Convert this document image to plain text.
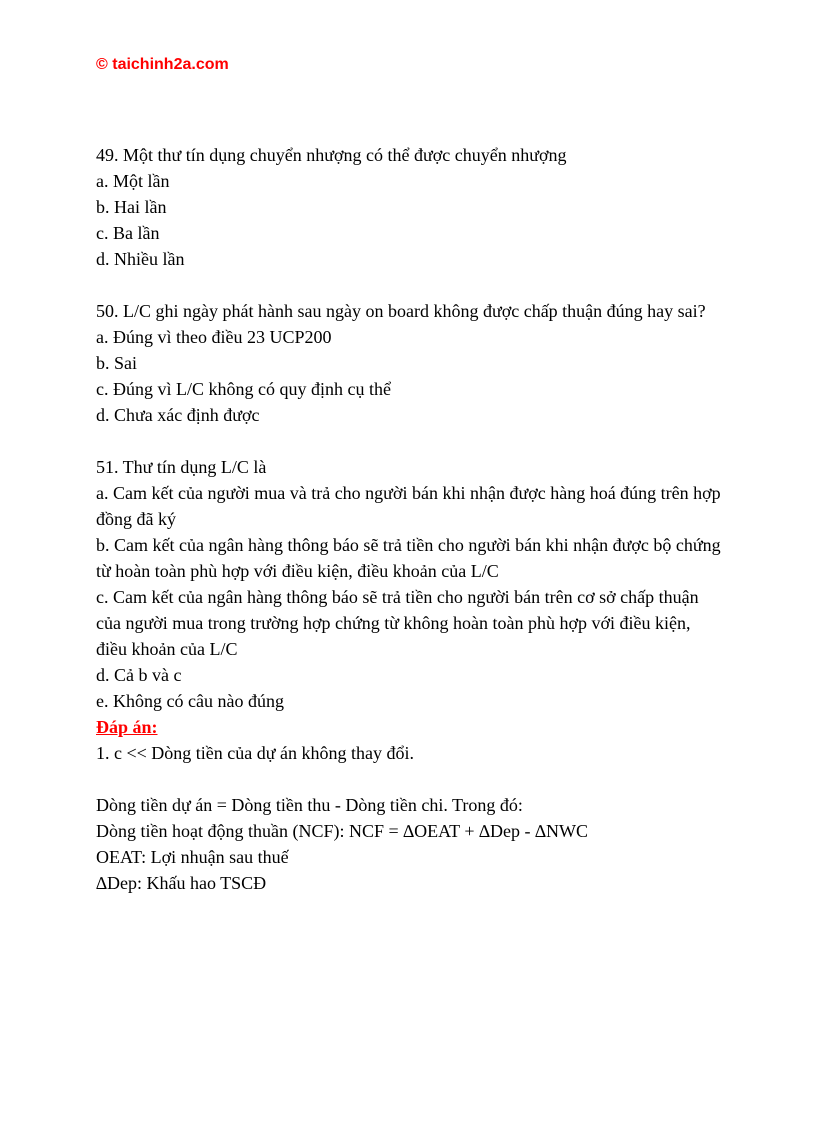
© taichinh2a.com

49. Một thư tín dụng chuyển nhượng có thể được chuyển nhượng

a. Một lần

b. Hai lần

c. Ba lần

d. Nhiều lần

50. L/C ghi ngày phát hành sau ngày on board không được chấp thuận đúng hay sai?

a. Đúng vì theo điều 23 UCP200

b. Sai

c. Đúng vì L/C không có quy định cụ thể

d. Chưa xác định được

51. Thư tín dụng L/C là

a. Cam kết của người mua và trả cho người bán khi nhận được hàng hoá đúng trên hợp đồng đã ký

b. Cam kết của ngân hàng thông báo sẽ trả tiền cho người bán khi nhận được bộ chứng từ hoàn toàn phù hợp với điều kiện, điều khoản của L/C

c. Cam kết của ngân hàng thông báo sẽ trả tiền cho người bán trên cơ sở chấp thuận của người mua trong trường hợp chứng từ không hoàn toàn phù hợp với điều kiện, điều khoản của L/C

d. Cả b và c

e. Không có câu nào đúng

Đáp án:

1. c << Dòng tiền của dự án không thay đổi.

Dòng tiền dự án = Dòng tiền thu - Dòng tiền chi. Trong đó:

Dòng tiền hoạt động thuần (NCF): NCF = ∆OEAT + ∆Dep - ∆NWC

OEAT: Lợi nhuận sau thuế

∆Dep: Khấu hao TSCĐ
